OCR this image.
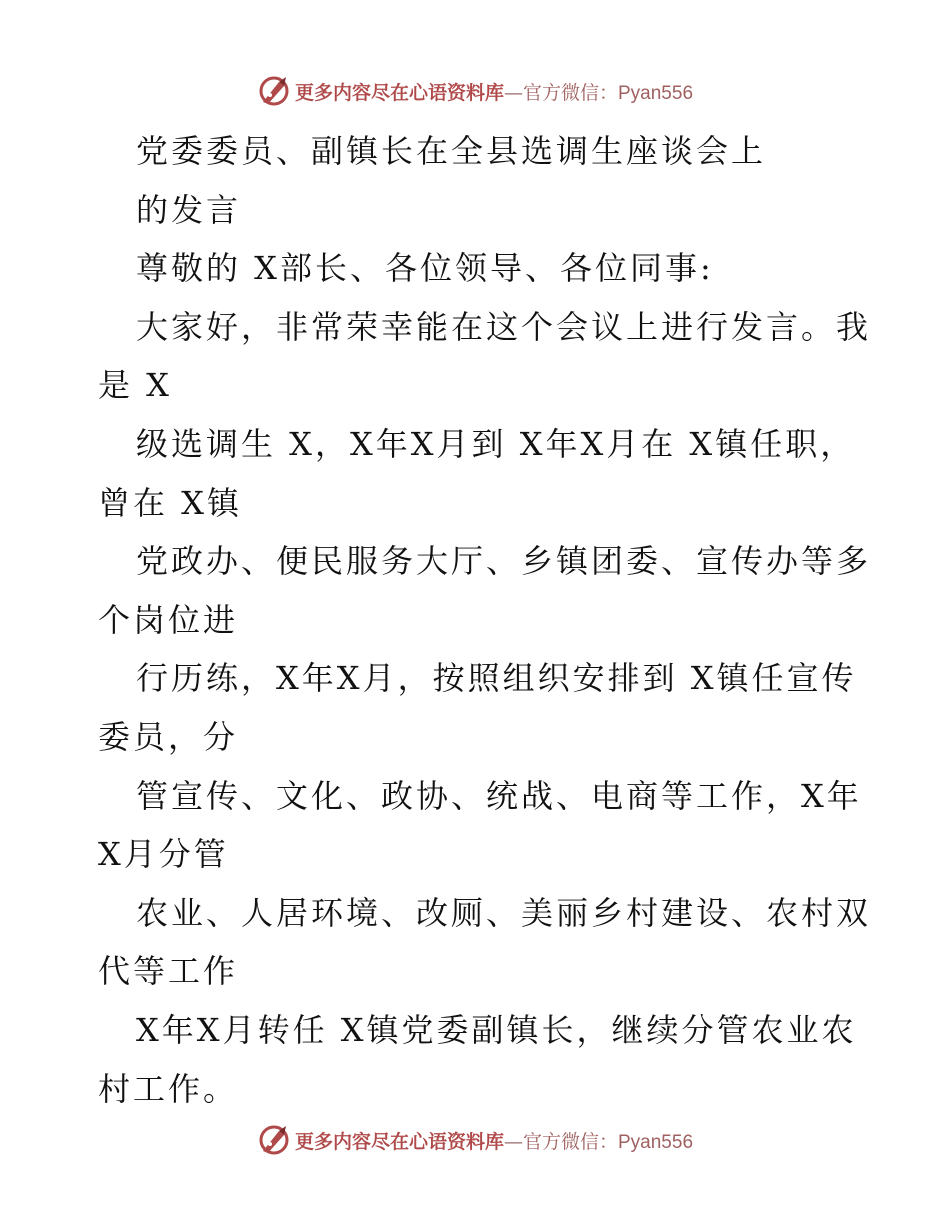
更多内容尽在心语资料库—官方微信：Pyan556
党委委员、副镇长在全县选调生座谈会上
的发言
尊敬的 X部长、各位领导、各位同事:
大家好，非常荣幸能在这个会议上进行发言。我
是 X
级选调生 X，X年X月到 X年X月在 X镇任职，
曾在 X镇
党政办、便民服务大厅、乡镇团委、宣传办等多
个岗位进
行历练，X年X月，按照组织安排到 X镇任宣传
委员，分
管宣传、文化、政协、统战、电商等工作，X年
X月分管
农业、人居环境、改厕、美丽乡村建设、农村双
代等工作
X年X月转任 X镇党委副镇长，继续分管农业农
村工作。
更多内容尽在心语资料库—官方微信：Pyan556
